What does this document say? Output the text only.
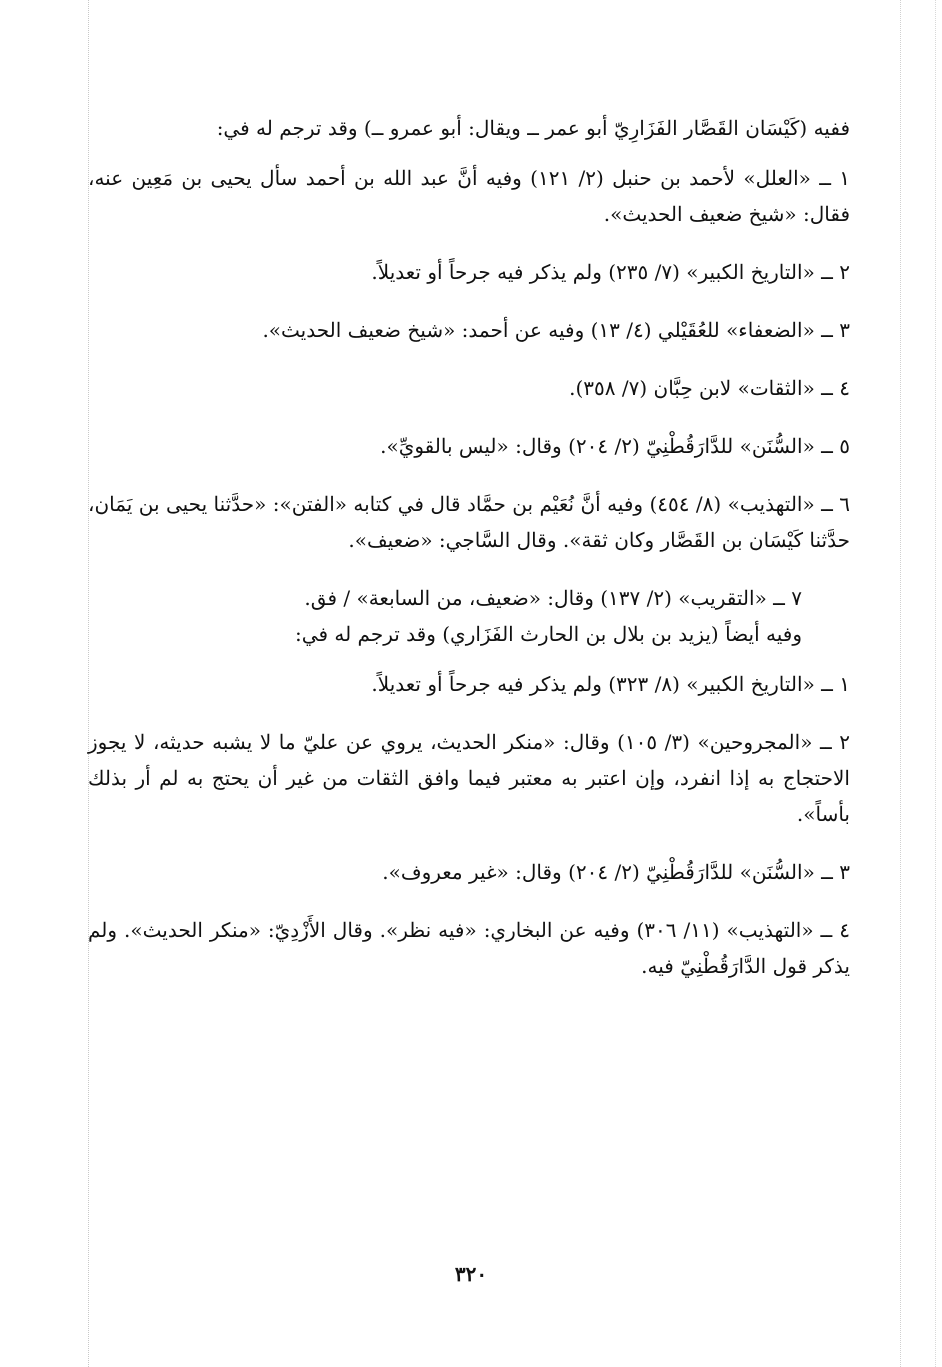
ففيه (كَيْسَان القَصَّار الفَزَارِيّ أبو عمر ــ ويقال: أبو عمرو ــ) وقد ترجم له في:

١ ــ «العلل» لأحمد بن حنبل (٢/ ١٢١) وفيه أنَّ عبد الله بن أحمد سأل يحيى بن مَعِين عنه، فقال: «شيخ ضعيف الحديث».

٢ ــ «التاريخ الكبير» (٧/ ٢٣٥) ولم يذكر فيه جرحاً أو تعديلاً.

٣ ــ «الضعفاء» للعُقَيْلي (٤/ ١٣) وفيه عن أحمد: «شيخ ضعيف الحديث».

٤ ــ «الثقات» لابن حِبَّان (٧/ ٣٥٨).

٥ ــ «السُّنَن» للدَّارَقُطْنِيّ (٢/ ٢٠٤) وقال: «ليس بالقويِّ».

٦ ــ «التهذيب» (٨/ ٤٥٤) وفيه أنَّ نُعَيْم بن حمَّاد قال في كتابه «الفتن»: «حدَّثنا يحيى بن يَمَان، حدَّثنا كَيْسَان بن القَصَّار وكان ثقة». وقال السَّاجي: «ضعيف».

٧ ــ «التقريب» (٢/ ١٣٧) وقال: «ضعيف، من السابعة» / فق.

وفيه أيضاً (يزيد بن بلال بن الحارث الفَزَاري) وقد ترجم له في:

١ ــ «التاريخ الكبير» (٨/ ٣٢٣) ولم يذكر فيه جرحاً أو تعديلاً.

٢ ــ «المجروحين» (٣/ ١٠٥) وقال: «منكر الحديث، يروي عن عليّ ما لا يشبه حديثه، لا يجوز الاحتجاج به إذا انفرد، وإن اعتبر به معتبر فيما وافق الثقات من غير أن يحتج به لم أر بذلك بأساً».

٣ ــ «السُّنَن» للدَّارَقُطْنِيّ (٢/ ٢٠٤) وقال: «غير معروف».

٤ ــ «التهذيب» (١١/ ٣٠٦) وفيه عن البخاري: «فيه نظر». وقال الأَزْدِيّ: «منكر الحديث». ولم يذكر قول الدَّارَقُطْنِيّ فيه.

٣٢٠
